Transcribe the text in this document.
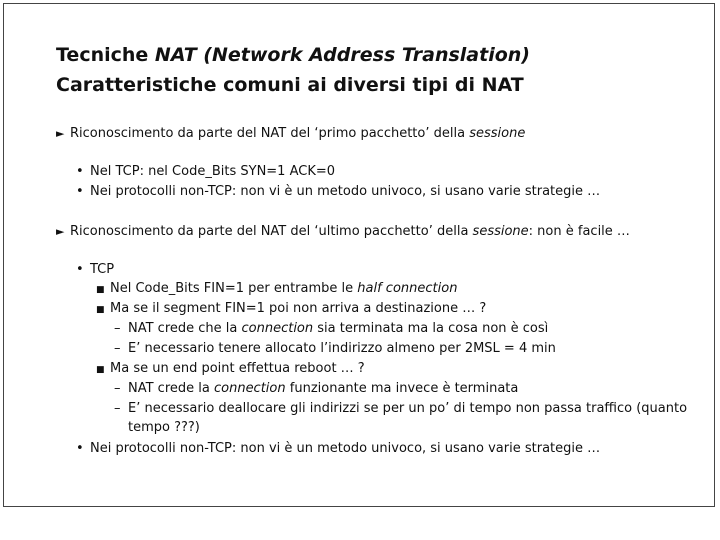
Tecniche NAT (Network Address Translation)
Caratteristiche comuni ai diversi tipi di NAT
► Riconoscimento da parte del NAT del ‘primo pacchetto’ della sessione
• Nel TCP: nel Code_Bits SYN=1 ACK=0
• Nei protocolli non-TCP: non vi è un metodo univoco, si usano varie strategie …
► Riconoscimento da parte del NAT del ‘ultimo pacchetto’ della sessione: non è facile …
• TCP
■ Nel Code_Bits FIN=1 per entrambe le half connection
■ Ma se il segment FIN=1 poi non arriva a destinazione … ?
– NAT crede che la connection sia terminata ma la cosa non è così
– E’ necessario tenere allocato l’indirizzo almeno per 2MSL = 4 min
■ Ma se un end point effettua reboot … ?
– NAT crede la connection funzionante ma invece è terminata
– E’ necessario deallocare gli indirizzi se per un po’ di tempo non passa traffico (quanto
tempo ???)
• Nei protocolli non-TCP: non vi è un metodo univoco, si usano varie strategie …
